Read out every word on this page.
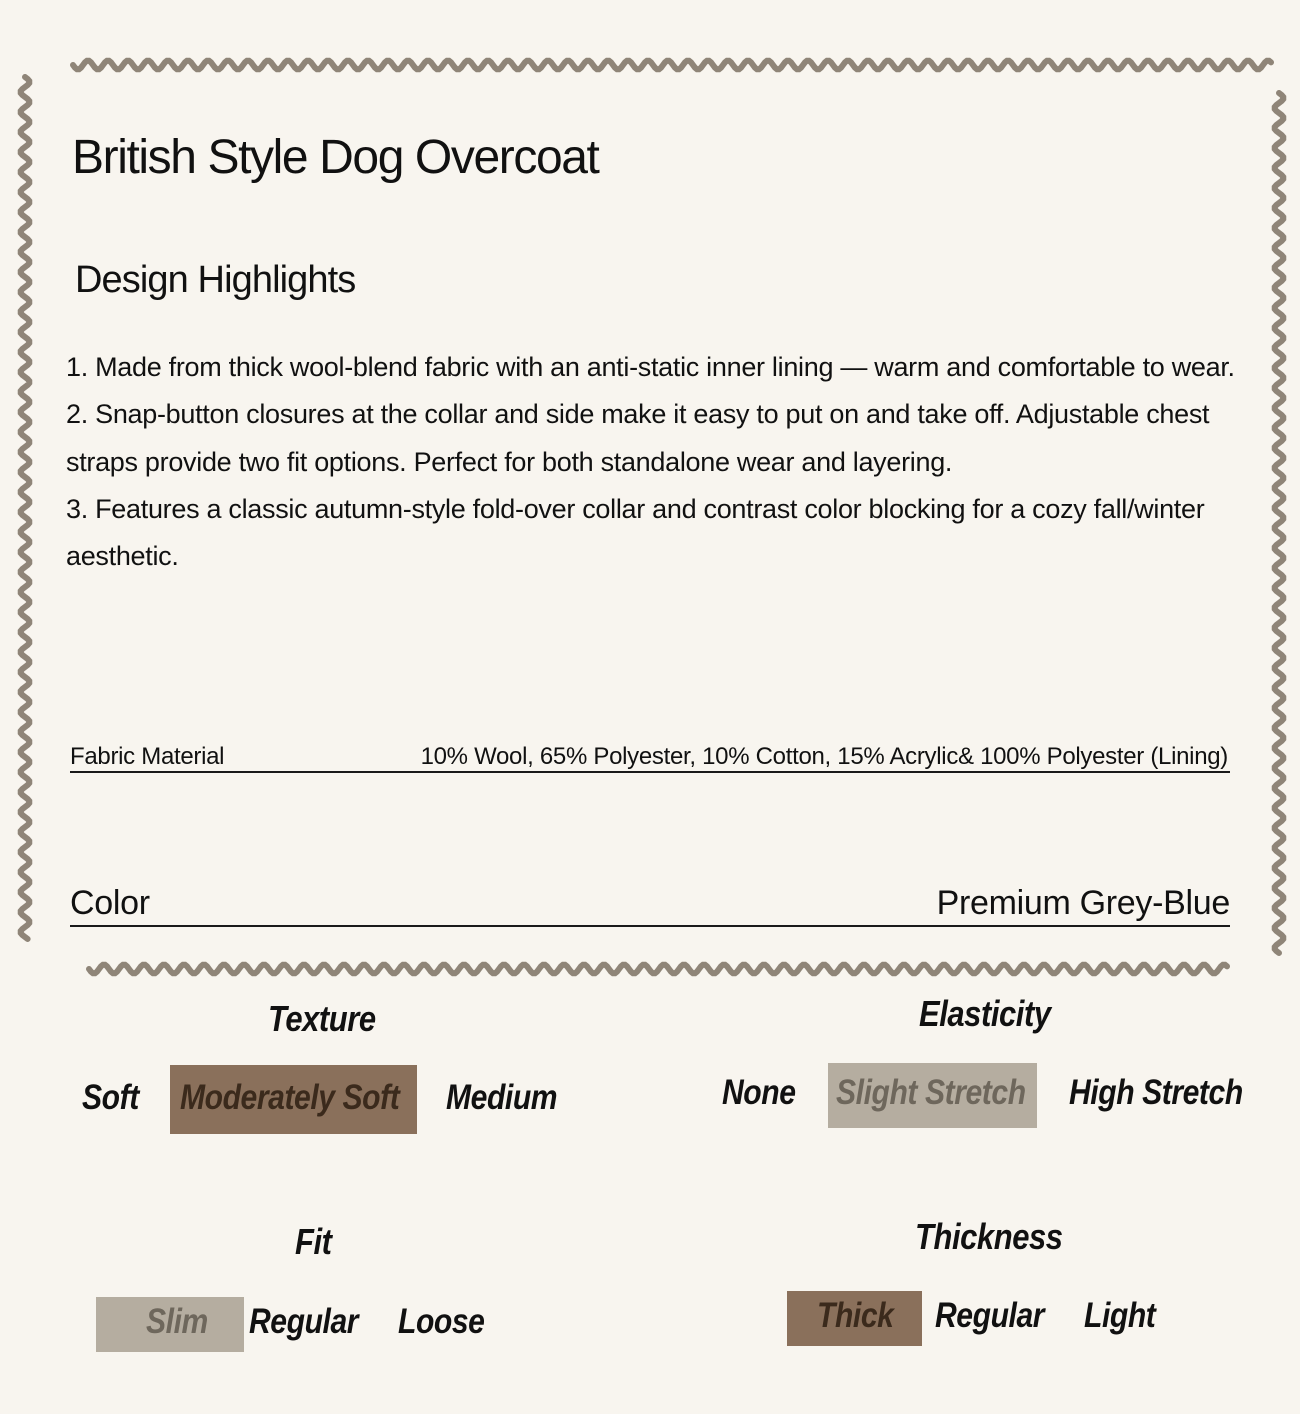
British Style Dog Overcoat
Design Highlights
1. Made from thick wool-blend fabric with an anti-static inner lining — warm and comfortable to wear.
2. Snap-button closures at the collar and side make it easy to put on and take off. Adjustable chest straps provide two fit options. Perfect for both standalone wear and layering.
3. Features a classic autumn-style fold-over collar and contrast color blocking for a cozy fall/winter aesthetic.
Fabric Material	10% Wool, 65% Polyester, 10% Cotton, 15% Acrylic& 100% Polyester (Lining)
Color	Premium Grey-Blue
Texture
Soft Moderately Soft Medium
Elasticity
None Slight Stretch High Stretch
Fit
Slim Regular Loose
Thickness
Thick Regular Light
